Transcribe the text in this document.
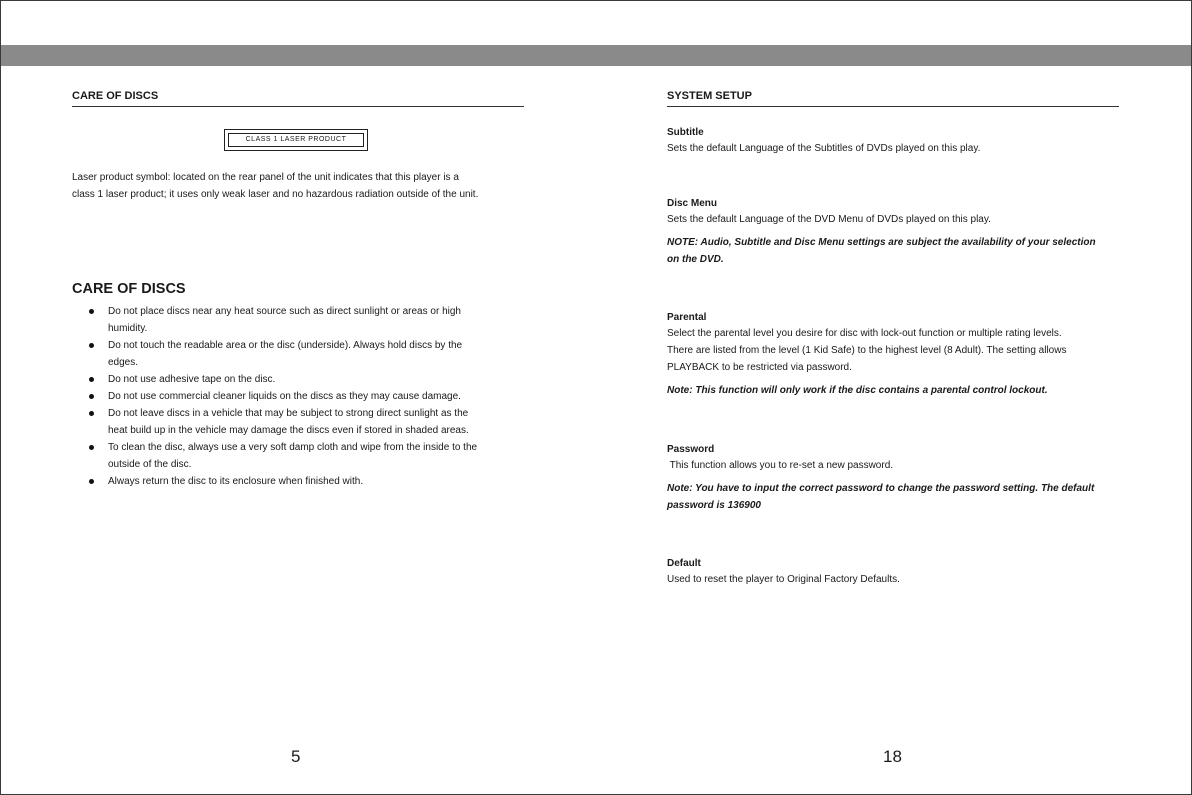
CARE OF DISCS
CLASS 1 LASER PRODUCT
Laser product symbol: located on the rear panel of the unit indicates that this player is a
class 1 laser product; it uses only weak laser and no hazardous radiation outside of the unit.
CARE OF DISCS
Do not place discs near any heat source such as direct sunlight or areas or high
humidity.
Do not touch the readable area or the disc (underside). Always hold discs by the
edges.
Do not use adhesive tape on the disc.
Do not use commercial cleaner liquids on the discs as they may cause damage.
Do not leave discs in a vehicle that may be subject to strong direct sunlight as the
heat build up in the vehicle may damage the discs even if stored in shaded areas.
To clean the disc, always use a very soft damp cloth and wipe from the inside to the
outside of the disc.
Always return the disc to its enclosure when finished with.
5
SYSTEM SETUP
Subtitle
Sets the default Language of the Subtitles of DVDs played on this play.
Disc Menu
Sets the default Language of the DVD Menu of DVDs played on this play.
NOTE: Audio, Subtitle and Disc Menu settings are subject the availability of your selection
on the DVD.
Parental
Select the parental level you desire for disc with lock-out function or multiple rating levels.
There are listed from the level (1 Kid Safe) to the highest level (8 Adult). The setting allows
PLAYBACK to be restricted via password.
Note: This function will only work if the disc contains a parental control lockout.
Password
This function allows you to re-set a new password.
Note: You have to input the correct password to change the password setting. The default
password is 136900
Default
Used to reset the player to Original Factory Defaults.
18
